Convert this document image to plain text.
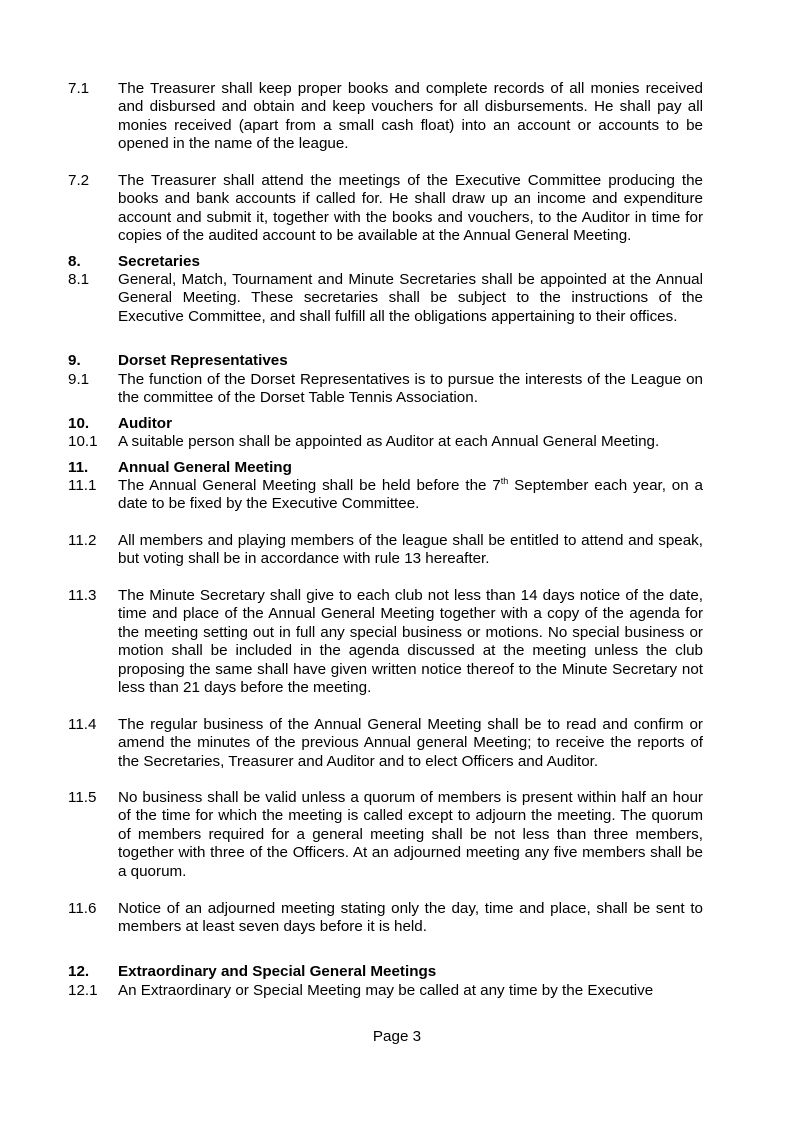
7.1	The Treasurer shall keep proper books and complete records of all monies received and disbursed and obtain and keep vouchers for all disbursements. He shall pay all monies received (apart from a small cash float) into an account or accounts to be opened in the name of the league.
7.2	The Treasurer shall attend the meetings of the Executive Committee producing the books and bank accounts if called for. He shall draw up an income and expenditure account and submit it, together with the books and vouchers, to the Auditor in time for copies of the audited account to be available at the Annual General Meeting.
8.	Secretaries
8.1	General, Match, Tournament and Minute Secretaries shall be appointed at the Annual General Meeting. These secretaries shall be subject to the instructions of the Executive Committee, and shall fulfill all the obligations appertaining to their offices.
9.	Dorset Representatives
9.1	The function of the Dorset Representatives is to pursue the interests of the League on the committee of the Dorset Table Tennis Association.
10.	Auditor
10.1	A suitable person shall be appointed as Auditor at each Annual General Meeting.
11.	Annual General Meeting
11.1	The Annual General Meeting shall be held before the 7th September each year, on a date to be fixed by the Executive Committee.
11.2	All members and playing members of the league shall be entitled to attend and speak, but voting shall be in accordance with rule 13 hereafter.
11.3	The Minute Secretary shall give to each club not less than 14 days notice of the date, time and place of the Annual General Meeting together with a copy of the agenda for the meeting setting out in full any special business or motions. No special business or motion shall be included in the agenda discussed at the meeting unless the club proposing the same shall have given written notice thereof to the Minute Secretary not less than 21 days before the meeting.
11.4	The regular business of the Annual General Meeting shall be to read and confirm or amend the minutes of the previous Annual general Meeting; to receive the reports of the Secretaries, Treasurer and Auditor and to elect Officers and Auditor.
11.5	No business shall be valid unless a quorum of members is present within half an hour of the time for which the meeting is called except to adjourn the meeting. The quorum of members required for a general meeting shall be not less than three members, together with three of the Officers. At an adjourned meeting any five members shall be a quorum.
11.6	Notice of an adjourned meeting stating only the day, time and place, shall be sent to members at least seven days before it is held.
12.	Extraordinary and Special General Meetings
12.1	An Extraordinary or Special Meeting may be called at any time by the Executive
Page 3
